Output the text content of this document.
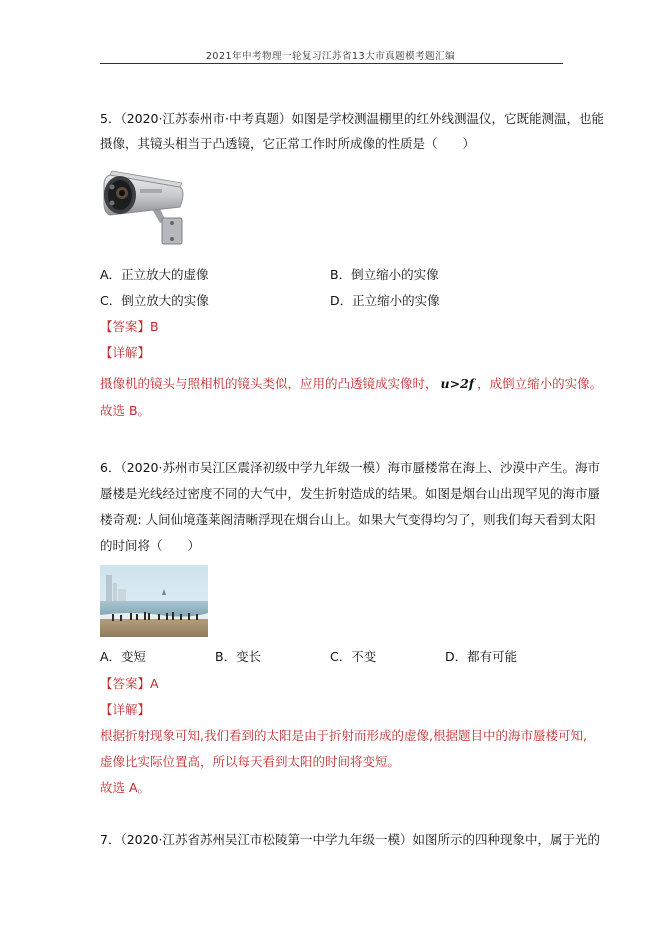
2021年中考物理一轮复习江苏省13大市真题模考题汇编
5．（2020·江苏泰州市·中考真题）如图是学校测温棚里的红外线测温仪，它既能测温，也能
摄像，其镜头相当于凸透镜，它正常工作时所成像的性质是（　　）
A．正立放大的虚像	B．倒立缩小的实像
C．倒立放大的实像	D．正立缩小的实像
【答案】B
【详解】
摄像机的镜头与照相机的镜头类似，应用的凸透镜成实像时， u>2f ，成倒立缩小的实像。
故选 B。
6．（2020·苏州市吴江区震泽初级中学九年级一模）海市蜃楼常在海上、沙漠中产生。海市
蜃楼是光线经过密度不同的大气中，发生折射造成的结果。如图是烟台山出现罕见的海市蜃
楼奇观: 人间仙境蓬莱阁清晰浮现在烟台山上。如果大气变得均匀了，则我们每天看到太阳
的时间将（　　）
A．变短	B．变长	C．不变	D．都有可能
【答案】A
【详解】
根据折射现象可知,我们看到的太阳是由于折射而形成的虚像,根据题目中的海市蜃楼可知,
虚像比实际位置高，所以每天看到太阳的时间将变短。
故选 A。
7．（2020·江苏省苏州吴江市松陵第一中学九年级一模）如图所示的四种现象中，属于光的
